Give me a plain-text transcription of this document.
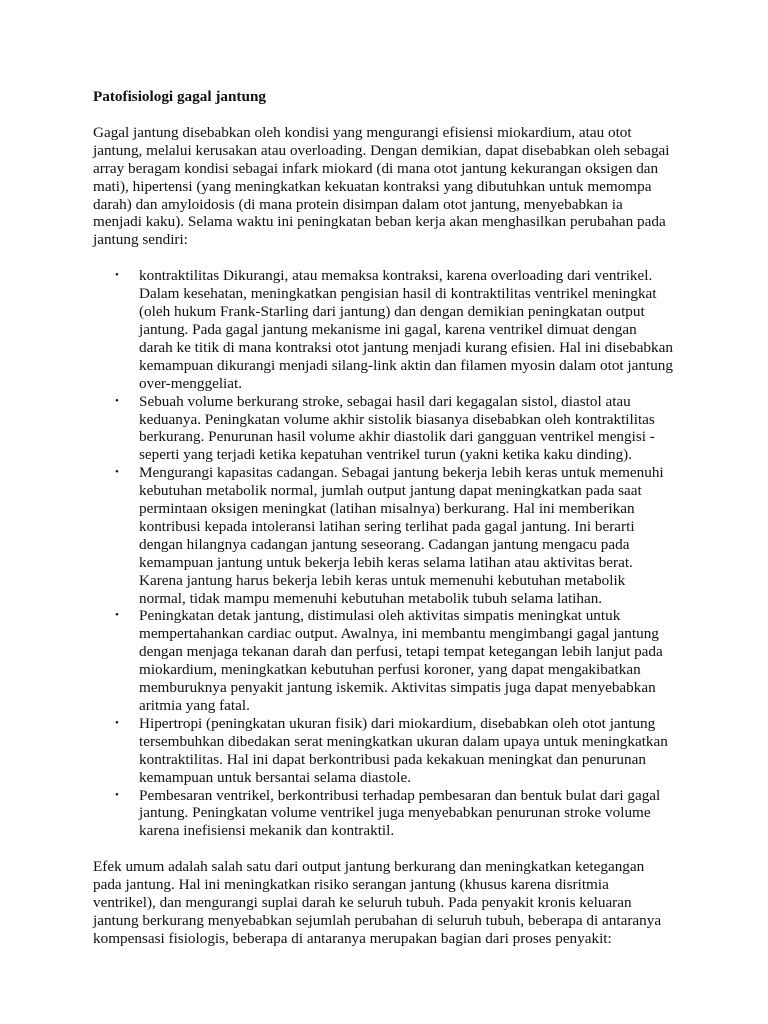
Patofisiologi gagal jantung

Gagal jantung disebabkan oleh kondisi yang mengurangi efisiensi miokardium, atau otot jantung, melalui kerusakan atau overloading. Dengan demikian, dapat disebabkan oleh sebagai array beragam kondisi sebagai infark miokard (di mana otot jantung kekurangan oksigen dan mati), hipertensi (yang meningkatkan kekuatan kontraksi yang dibutuhkan untuk memompa darah) dan amyloidosis (di mana protein disimpan dalam otot jantung, menyebabkan ia menjadi kaku). Selama waktu ini peningkatan beban kerja akan menghasilkan perubahan pada jantung sendiri:

• kontraktilitas Dikurangi, atau memaksa kontraksi, karena overloading dari ventrikel. Dalam kesehatan, meningkatkan pengisian hasil di kontraktilitas ventrikel meningkat (oleh hukum Frank-Starling dari jantung) dan dengan demikian peningkatan output jantung. Pada gagal jantung mekanisme ini gagal, karena ventrikel dimuat dengan darah ke titik di mana kontraksi otot jantung menjadi kurang efisien. Hal ini disebabkan kemampuan dikurangi menjadi silang-link aktin dan filamen myosin dalam otot jantung over-menggeliat.
• Sebuah volume berkurang stroke, sebagai hasil dari kegagalan sistol, diastol atau keduanya. Peningkatan volume akhir sistolik biasanya disebabkan oleh kontraktilitas berkurang. Penurunan hasil volume akhir diastolik dari gangguan ventrikel mengisi - seperti yang terjadi ketika kepatuhan ventrikel turun (yakni ketika kaku dinding).
• Mengurangi kapasitas cadangan. Sebagai jantung bekerja lebih keras untuk memenuhi kebutuhan metabolik normal, jumlah output jantung dapat meningkatkan pada saat permintaan oksigen meningkat (latihan misalnya) berkurang. Hal ini memberikan kontribusi kepada intoleransi latihan sering terlihat pada gagal jantung. Ini berarti dengan hilangnya cadangan jantung seseorang. Cadangan jantung mengacu pada kemampuan jantung untuk bekerja lebih keras selama latihan atau aktivitas berat. Karena jantung harus bekerja lebih keras untuk memenuhi kebutuhan metabolik normal, tidak mampu memenuhi kebutuhan metabolik tubuh selama latihan.
• Peningkatan detak jantung, distimulasi oleh aktivitas simpatis meningkat untuk mempertahankan cardiac output. Awalnya, ini membantu mengimbangi gagal jantung dengan menjaga tekanan darah dan perfusi, tetapi tempat ketegangan lebih lanjut pada miokardium, meningkatkan kebutuhan perfusi koroner, yang dapat mengakibatkan memburuknya penyakit jantung iskemik. Aktivitas simpatis juga dapat menyebabkan aritmia yang fatal.
• Hipertropi (peningkatan ukuran fisik) dari miokardium, disebabkan oleh otot jantung tersembuhkan dibedakan serat meningkatkan ukuran dalam upaya untuk meningkatkan kontraktilitas. Hal ini dapat berkontribusi pada kekakuan meningkat dan penurunan kemampuan untuk bersantai selama diastole.
• Pembesaran ventrikel, berkontribusi terhadap pembesaran dan bentuk bulat dari gagal jantung. Peningkatan volume ventrikel juga menyebabkan penurunan stroke volume karena inefisiensi mekanik dan kontraktil.

Efek umum adalah salah satu dari output jantung berkurang dan meningkatkan ketegangan pada jantung. Hal ini meningkatkan risiko serangan jantung (khusus karena disritmia ventrikel), dan mengurangi suplai darah ke seluruh tubuh. Pada penyakit kronis keluaran jantung berkurang menyebabkan sejumlah perubahan di seluruh tubuh, beberapa di antaranya kompensasi fisiologis, beberapa di antaranya merupakan bagian dari proses penyakit:
